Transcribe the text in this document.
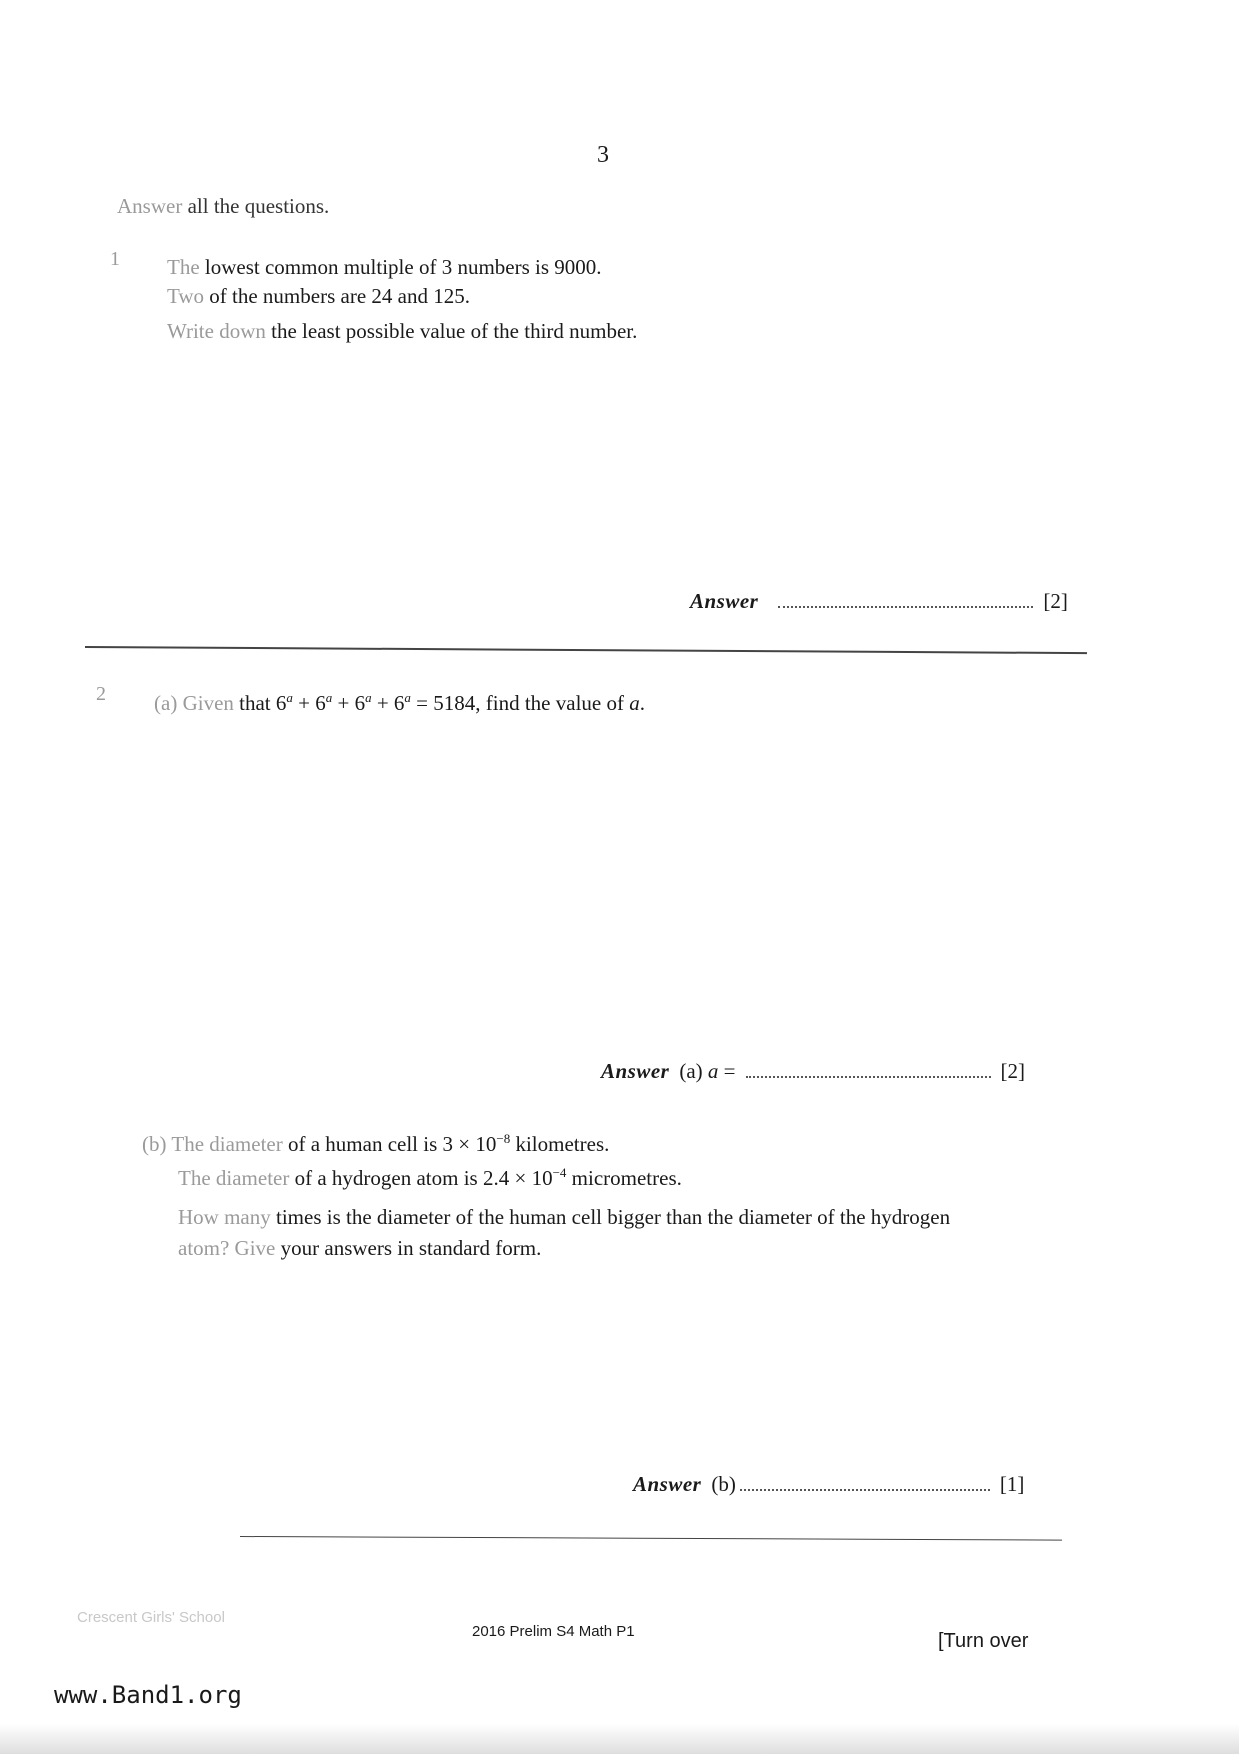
3
Answer all the questions.
1 The lowest common multiple of 3 numbers is 9000.
Two of the numbers are 24 and 125.
Write down the least possible value of the third number.
Answer	[2]
2 (a) Given that $6^a + 6^a + 6^a + 6^a = 5184$, find the value of a.
Answer (a) a =	[2]
(b) The diameter of a human cell is $3 \times 10^{-8}$ kilometres.
The diameter of a hydrogen atom is $2.4 \times 10^{-4}$ micrometres.
How many times is the diameter of the human cell bigger than the diameter of the hydrogen
atom? Give your answers in standard form.
Answer (b)	[1]
Crescent Girls' School
2016 Prelim S4 Math P1	[Turn over
www.Band1.org
